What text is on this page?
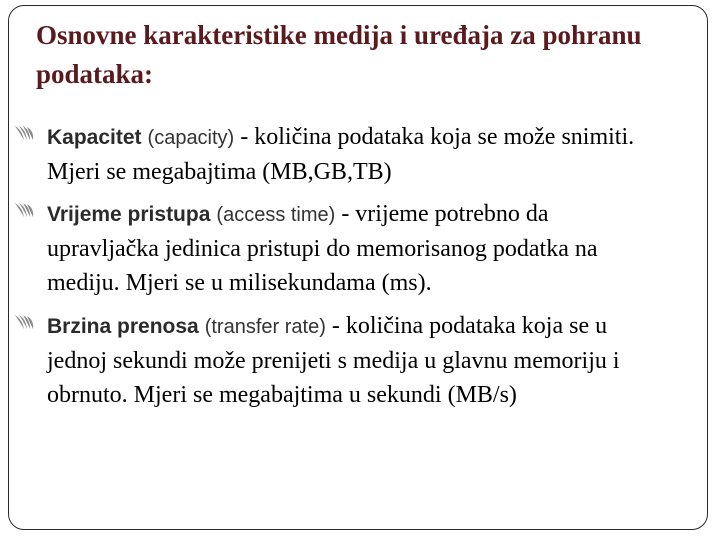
Osnovne karakteristike medija i uređaja za pohranu podataka:

Kapacitet (capacity) - količina podataka koja se može snimiti. Mjeri se megabajtima (MB,GB,TB)

Vrijeme pristupa (access time) - vrijeme potrebno da upravljačka jedinica pristupi do memorisanog podatka na mediju. Mjeri se u milisekundama (ms).

Brzina prenosa (transfer rate) - količina podataka koja se u jednoj sekundi može prenijeti s medija u glavnu memoriju i obrnuto. Mjeri se megabajtima u sekundi (MB/s)
